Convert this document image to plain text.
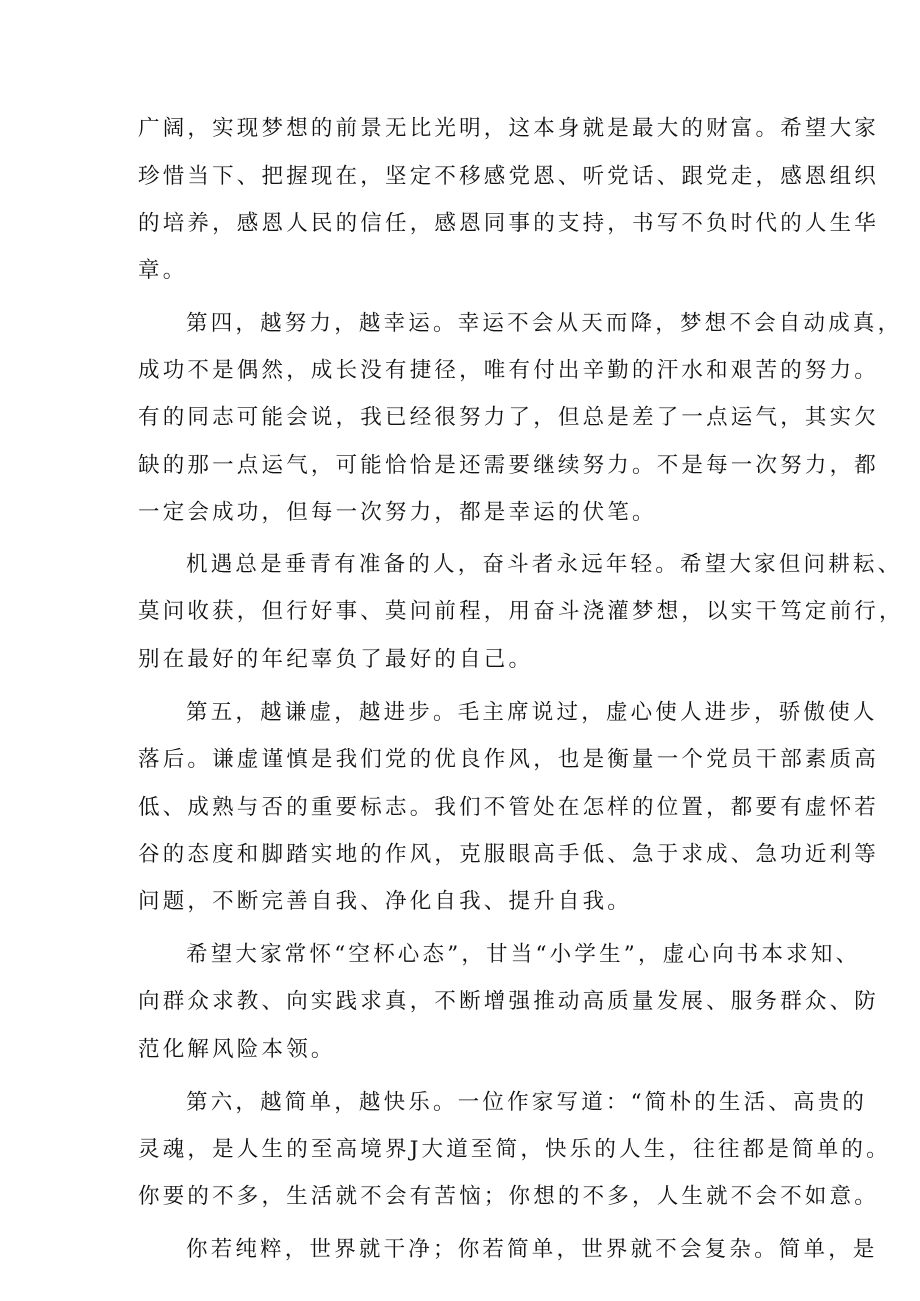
广阔，实现梦想的前景无比光明，这本身就是最大的财富。希望大家
珍惜当下、把握现在，坚定不移感党恩、听党话、跟党走，感恩组织
的培养，感恩人民的信任，感恩同事的支持，书写不负时代的人生华
章。
第四，越努力，越幸运。幸运不会从天而降，梦想不会自动成真，
成功不是偶然，成长没有捷径，唯有付出辛勤的汗水和艰苦的努力。
有的同志可能会说，我已经很努力了，但总是差了一点运气，其实欠
缺的那一点运气，可能恰恰是还需要继续努力。不是每一次努力，都
一定会成功，但每一次努力，都是幸运的伏笔。
机遇总是垂青有准备的人，奋斗者永远年轻。希望大家但问耕耘、
莫问收获，但行好事、莫问前程，用奋斗浇灌梦想，以实干笃定前行，
别在最好的年纪辜负了最好的自己。
第五，越谦虚，越进步。毛主席说过，虚心使人进步，骄傲使人
落后。谦虚谨慎是我们党的优良作风，也是衡量一个党员干部素质高
低、成熟与否的重要标志。我们不管处在怎样的位置，都要有虚怀若
谷的态度和脚踏实地的作风，克服眼高手低、急于求成、急功近利等
问题，不断完善自我、净化自我、提升自我。
希望大家常怀“空杯心态”，甘当“小学生”，虚心向书本求知、
向群众求教、向实践求真，不断增强推动高质量发展、服务群众、防
范化解风险本领。
第六，越简单，越快乐。一位作家写道：“简朴的生活、高贵的
灵魂，是人生的至高境界J大道至简，快乐的人生，往往都是简单的。
你要的不多，生活就不会有苦恼；你想的不多，人生就不会不如意。
你若纯粹，世界就干净；你若简单，世界就不会复杂。简单，是
